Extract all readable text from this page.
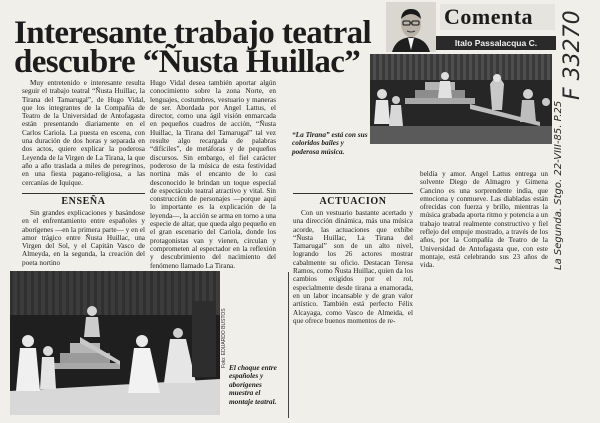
Interesante trabajo teatral
descubre “Ñusta Huillac”
Comenta
Italo Passalacqua C.

Muy entretenido e interesante resulta seguir el trabajo teatral “Ñusta Huillac, la Tirana del Tamarugal”, de Hugo Vidal, que los integrantes de la Compañía de Teatro de la Universidad de Antofagasta están presentando diariamente en el Carlos Cariola. La puesta en escena, con una duración de dos horas y separada en dos actos, quiere explicar la poderosa Leyenda de la Virgen de La Tirana, la que año a año traslada a miles de peregrinos, en una fiesta pagano-religiosa, a las cercanías de Iquique.

ENSEÑA

Sin grandes explicaciones y basándose en el enfrentamiento entre españoles y aborígenes —en la primera parte— y en el amor trágico entre Ñusta Huillac, una Virgen del Sol, y el Capitán Vasco de Almeyda, en la segunda, la creación del poeta nortino

Hugo Vidal desea también aportar algún conocimiento sobre la zona Norte, en lenguajes, costumbres, vestuario y maneras de ser. Abordada por Angel Lattus, el director, como una ágil visión enmarcada en pequeños cuadros de acción, “Ñusta Huillac, la Tirana del Tamarugal” tal vez resulte algo recargada de palabras “difíciles”, de metáforas y de pequeños discursos. Sin embargo, el fiel carácter poderoso de la música de esta festividad nortina más el encanto de lo casi desconocido le brindan un toque especial de espectáculo teatral atractivo y vital. Sin construcción de personajes —porque aquí lo importante es la explicación de la leyenda—, la acción se arma en torno a una especie de altar, que queda algo pequeño en el gran escenario del Cariola, donde los protagonistas van y vienen, circulan y comprometen al espectador en la reflexión y descubrimiento del nacimiento del fenómeno llamado La Tirana.

“La Tirana” está con sus coloridos bailes y poderosa música.

ACTUACION

Con un vestuario bastante acertado y una dirección dinámica, más una música acorde, las actuaciones que exhibe “Ñusta Huillac, La Tirana del Tamarugal” son de un alto nivel, logrando los 26 actores mostrar cabalmente su oficio. Destacan Teresa Ramos, como Ñusta Huillac, quien da los cambios exigidos por el rol, especialmente desde tirana a enamorada, en un labor incansable y de gran valor artístico. También está perfecto Félix Alcayaga, como Vasco de Almeida, el que ofrece buenos momentos de re-

beldía y amor. Angel Lattus entrega un solvente Diego de Almagro y Gimena Cancino es una sorprendente india, que emociona y conmueve. Las diabladas están ofrecidas con fuerza y brillo, mientras la música grabada aporta ritmo y potencia a un trabajo teatral realmente constructivo y fiel reflejo del empuje mostrado, a través de los años, por la Compañía de Teatro de la Universidad de Antofagasta que, con este montaje, está celebrando sus 23 años de vida.

Foto: EDUARDO BUSTOS El choque entre españoles y aborígenes muestra el montaje teatral.

F 33270
La Segunda. Stgo. 22-VIII-85. P.25
